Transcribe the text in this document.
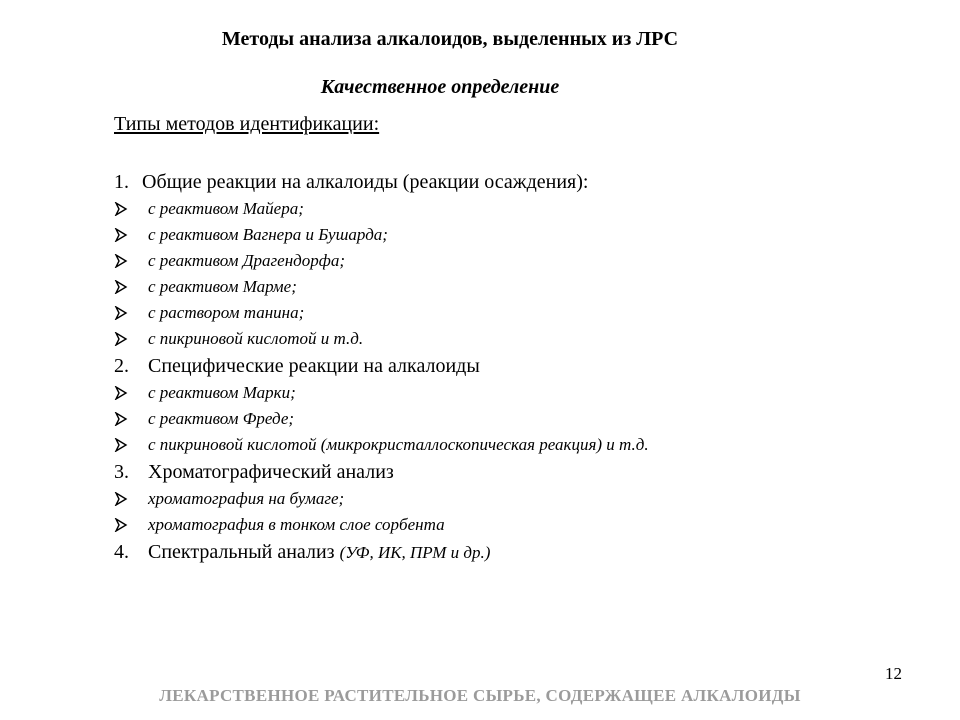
Методы анализа алкалоидов, выделенных из ЛРС
Качественное определение
Типы методов идентификации:
1. Общие реакции на алкалоиды (реакции осаждения):
с реактивом Майера;
с реактивом Вагнера и Бушарда;
с реактивом Драгендорфа;
с реактивом Марме;
с раствором танина;
с пикриновой кислотой и т.д.
2. Специфические реакции на алкалоиды
с реактивом Марки;
с реактивом Фреде;
с пикриновой кислотой (микрокристаллоскопическая реакция) и т.д.
3. Хроматографический анализ
хроматография на бумаге;
хроматография в тонком слое сорбента
4. Спектральный анализ (УФ, ИК, ПРМ и др.)
12
ЛЕКАРСТВЕННОЕ РАСТИТЕЛЬНОЕ СЫРЬЕ, СОДЕРЖАЩЕЕ АЛКАЛОИДЫ
